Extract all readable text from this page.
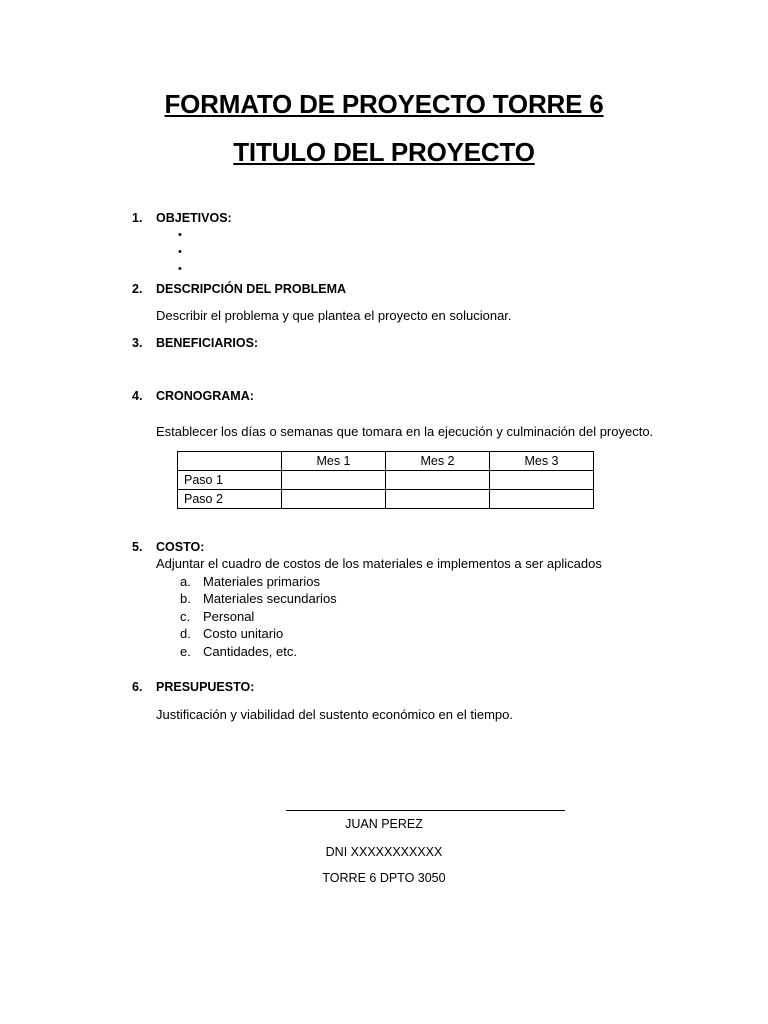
FORMATO DE PROYECTO TORRE 6
TITULO DEL PROYECTO
1. OBJETIVOS:
•
•
•
2. DESCRIPCIÓN DEL PROBLEMA
Describir el problema y que plantea el proyecto en solucionar.
3. BENEFICIARIOS:
4. CRONOGRAMA:
Establecer los días o semanas que tomara en la ejecución y culminación del proyecto.
	Mes 1	Mes 2	Mes 3
Paso 1			
Paso 2			
5. COSTO:
Adjuntar el cuadro de costos de los materiales e implementos a ser aplicados
a. Materiales primarios
b. Materiales secundarios
c. Personal
d. Costo unitario
e. Cantidades, etc.
6. PRESUPUESTO:
Justificación y viabilidad del sustento económico en el tiempo.
JUAN PEREZ
DNI XXXXXXXXXXX
TORRE 6 DPTO 3050
